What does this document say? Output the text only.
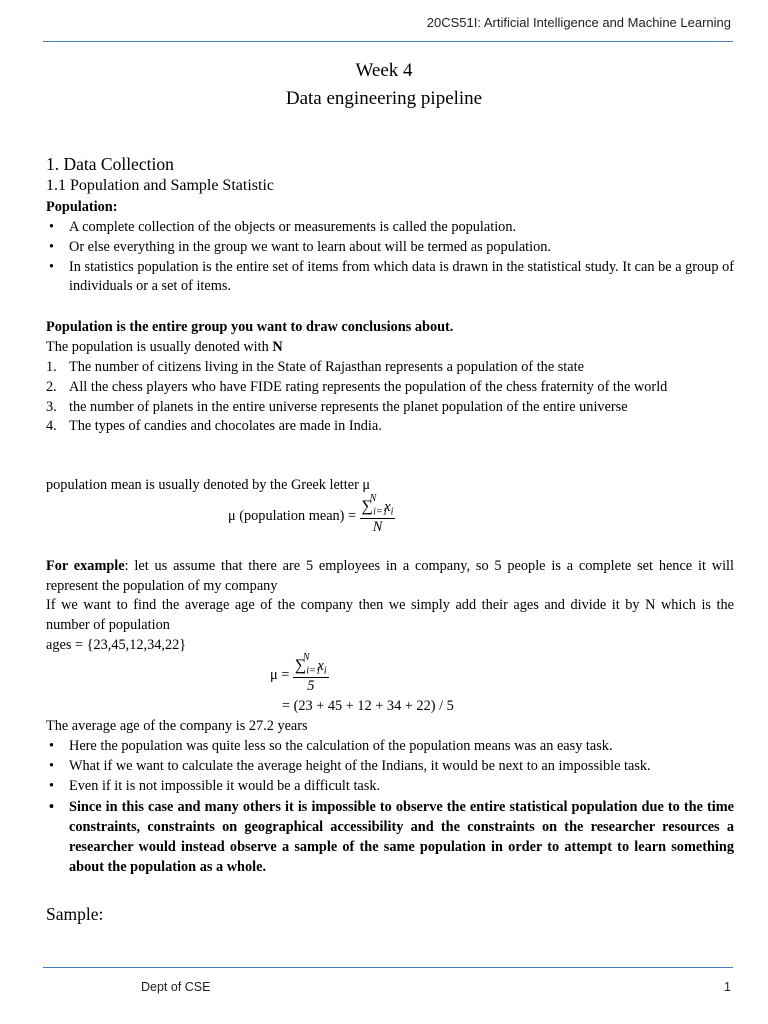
20CS51I: Artificial Intelligence and Machine Learning
Week 4
Data engineering pipeline
1. Data Collection
1.1 Population and Sample Statistic
Population:
• A complete collection of the objects or measurements is called the population.
• Or else everything in the group we want to learn about will be termed as population.
• In statistics population is the entire set of items from which data is drawn in the statistical study. It can be a group of individuals or a set of items.
Population is the entire group you want to draw conclusions about.
The population is usually denoted with N
1. The number of citizens living in the State of Rajasthan represents a population of the state
2. All the chess players who have FIDE rating represents the population of the chess fraternity of the world
3. the number of planets in the entire universe represents the planet population of the entire universe
4. The types of candies and chocolates are made in India.
population mean is usually denoted by the Greek letter μ
μ (population mean) = $\frac{\sum_{i=1}^Nx_i}{N}$
For example: let us assume that there are 5 employees in a company, so 5 people is a complete set hence it will represent the population of my company
If we want to find the average age of the company then we simply add their ages and divide it by N which is the number of population
ages = {23,45,12,34,22}
$\mu = \frac{\sum_{i=1}^Nx_i}{5}$
= (23 + 45 + 12 + 34 + 22) / 5
The average age of the company is 27.2 years
• Here the population was quite less so the calculation of the population means was an easy task.
• What if we want to calculate the average height of the Indians, it would be next to an impossible task.
• Even if it is not impossible it would be a difficult task.
• Since in this case and many others it is impossible to observe the entire statistical population due to the time constraints, constraints on geographical accessibility and the constraints on the researcher resources a researcher would instead observe a sample of the same population in order to attempt to learn something about the population as a whole.
Sample:
Dept of CSE	1
